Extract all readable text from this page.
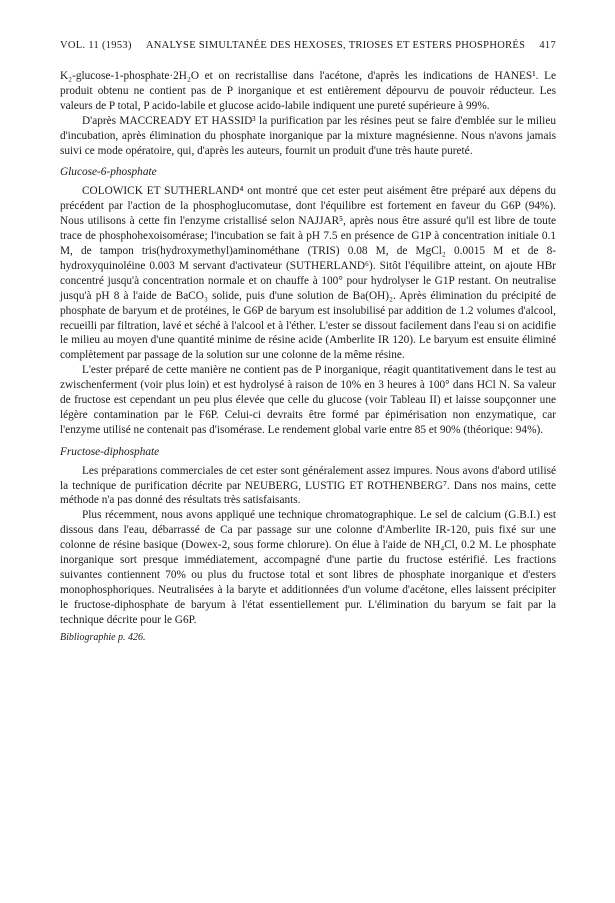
VOL. 11 (1953) ANALYSE SIMULTANÉE DES HEXOSES, TRIOSES ET ESTERS PHOSPHORÉS 417

K₂-glucose-1-phosphate·2H₂O et on recristallise dans l'acétone, d'après les indications de HANES¹. Le produit obtenu ne contient pas de P inorganique et est entièrement dépourvu de pouvoir réducteur. Les valeurs de P total, P acido-labile et glucose acido-labile indiquent une pureté supérieure à 99%.

D'après MACCREADY ET HASSID³ la purification par les résines peut se faire d'emblée sur le milieu d'incubation, après élimination du phosphate inorganique par la mixture magnésienne. Nous n'avons jamais suivi ce mode opératoire, qui, d'après les auteurs, fournit un produit d'une très haute pureté.

Glucose-6-phosphate

COLOWICK ET SUTHERLAND⁴ ont montré que cet ester peut aisément être préparé aux dépens du précédent par l'action de la phosphoglucomutase, dont l'équilibre est fortement en faveur du G6P (94%). Nous utilisons à cette fin l'enzyme cristallisé selon NAJJAR⁵, après nous être assuré qu'il est libre de toute trace de phosphohexoisomérase; l'incubation se fait à pH 7.5 en présence de G1P à concentration initiale 0.1 M, de tampon tris(hydroxymethyl)aminométhane (TRIS) 0.08 M, de MgCl₂ 0.0015 M et de 8-hydroxyquinoléine 0.003 M servant d'activateur (SUTHERLAND⁶). Sitôt l'équilibre atteint, on ajoute HBr concentré jusqu'à concentration normale et on chauffe à 100° pour hydrolyser le G1P restant. On neutralise jusqu'à pH 8 à l'aide de BaCO₃ solide, puis d'une solution de Ba(OH)₂. Après élimination du précipité de phosphate de baryum et de protéines, le G6P de baryum est insolubilisé par addition de 1.2 volumes d'alcool, recueilli par filtration, lavé et séché à l'alcool et à l'éther. L'ester se dissout facilement dans l'eau si on acidifie le milieu au moyen d'une quantité minime de résine acide (Amberlite IR 120). Le baryum est ensuite éliminé complètement par passage de la solution sur une colonne de la même résine.

L'ester préparé de cette manière ne contient pas de P inorganique, réagit quantitativement dans le test au zwischenferment (voir plus loin) et est hydrolysé à raison de 10% en 3 heures à 100° dans HCl N. Sa valeur de fructose est cependant un peu plus élevée que celle du glucose (voir Tableau II) et laisse soupçonner une légère contamination par le F6P. Celui-ci devraits être formé par épimérisation non enzymatique, car l'enzyme utilisé ne contenait pas d'isomérase. Le rendement global varie entre 85 et 90% (théorique: 94%).

Fructose-diphosphate

Les préparations commerciales de cet ester sont généralement assez impures. Nous avons d'abord utilisé la technique de purification décrite par NEUBERG, LUSTIG ET ROTHENBERG⁷. Dans nos mains, cette méthode n'a pas donné des résultats très satisfaisants.

Plus récemment, nous avons appliqué une technique chromatographique. Le sel de calcium (G.B.I.) est dissous dans l'eau, débarrassé de Ca par passage sur une colonne d'Amberlite IR-120, puis fixé sur une colonne de résine basique (Dowex-2, sous forme chlorure). On élue à l'aide de NH₄Cl, 0.2 M. Le phosphate inorganique sort presque immédiatement, accompagné d'une partie du fructose estérifié. Les fractions suivantes contiennent 70% ou plus du fructose total et sont libres de phosphate inorganique et d'esters monophosphoriques. Neutralisées à la baryte et additionnées d'un volume d'acétone, elles laissent précipiter le fructose-diphosphate de baryum à l'état essentiellement pur. L'élimination du baryum se fait par la technique décrite pour le G6P.

Bibliographie p. 426.
